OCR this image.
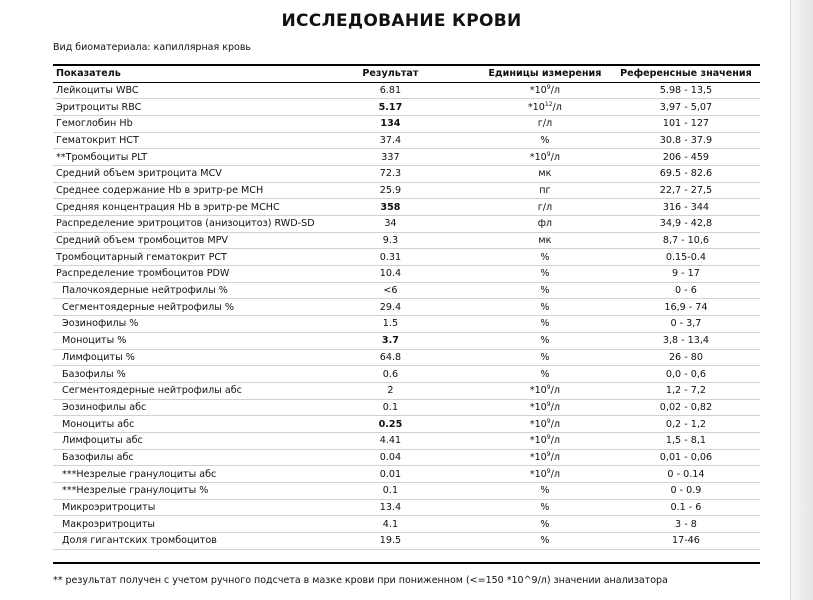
ИССЛЕДОВАНИЕ КРОВИ
Вид биоматериала: капиллярная кровь
Показатель	Результат	Единицы измерения	Референсные значения
Лейкоциты WBC	6.81	$*10^9/л$	5.98 - 13,5
Эритроциты RBC	5.17	$*10^{12}/л$	3,97 - 5,07
Гемоглобин Hb	134	г/л	101 - 127
Гематокрит HCT	37.4	%	30.8 - 37.9
**Тромбоциты PLT	337	$*10^9/л$	206 - 459
Средний объем эритроцита MCV	72.3	мк	69.5 - 82.6
Среднее содержание Hb в эритр-ре MCH	25.9	пг	22,7 - 27,5
Средняя концентрация Hb в эритр-ре MCHC	358	г/л	316 - 344
Распределение эритроцитов (анизоцитоз) RWD-SD	34	фл	34,9 - 42,8
Средний объем тромбоцитов MPV	9.3	мк	8,7 - 10,6
Тромбоцитарный гематокрит PCT	0.31	%	0.15-0.4
Распределение тромбоцитов PDW	10.4	%	9 - 17
Палочкоядерные нейтрофилы %	<6	%	0 - 6
Сегментоядерные нейтрофилы %	29.4	%	16,9 - 74
Эозинофилы %	1.5	%	0 - 3,7
Моноциты %	3.7	%	3,8 - 13,4
Лимфоциты %	64.8	%	26 - 80
Базофилы %	0.6	%	0,0 - 0,6
Сегментоядерные нейтрофилы абс	2	$*10^9/л$	1,2 - 7,2
Эозинофилы абс	0.1	$*10^9/л$	0,02 - 0,82
Моноциты абс	0.25	$*10^9/л$	0,2 - 1,2
Лимфоциты абс	4.41	$*10^9/л$	1,5 - 8,1
Базофилы абс	0.04	$*10^9/л$	0,01 - 0,06
***Незрелые гранулоциты абс	0.01	$*10^9/л$	0 - 0.14
***Незрелые гранулоциты %	0.1	%	0 - 0.9
Микроэритроциты	13.4	%	0.1 - 6
Макроэритроциты	4.1	%	3 - 8
Доля гигантских тромбоцитов	19.5	%	17-46
** результат получен с учетом ручного подсчета в мазке крови при пониженном (<=150 *10^9/л) значении анализатора
